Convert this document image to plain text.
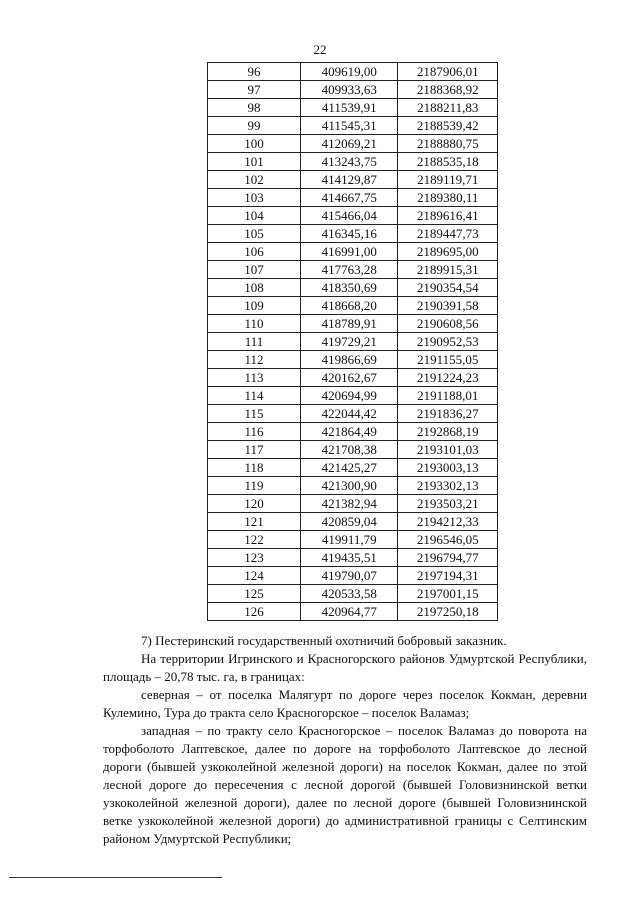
22
96	409619,00	2187906,01
97	409933,63	2188368,92
98	411539,91	2188211,83
99	411545,31	2188539,42
100	412069,21	2188880,75
101	413243,75	2188535,18
102	414129,87	2189119,71
103	414667,75	2189380,11
104	415466,04	2189616,41
105	416345,16	2189447,73
106	416991,00	2189695,00
107	417763,28	2189915,31
108	418350,69	2190354,54
109	418668,20	2190391,58
110	418789,91	2190608,56
111	419729,21	2190952,53
112	419866,69	2191155,05
113	420162,67	2191224,23
114	420694,99	2191188,01
115	422044,42	2191836,27
116	421864,49	2192868,19
117	421708,38	2193101,03
118	421425,27	2193003,13
119	421300,90	2193302,13
120	421382,94	2193503,21
121	420859,04	2194212,33
122	419911,79	2196546,05
123	419435,51	2196794,77
124	419790,07	2197194,31
125	420533,58	2197001,15
126	420964,77	2197250,18

7) Пестеринский государственный охотничий бобровый заказник.

На территории Игринского и Красногорского районов Удмуртской Республики, площадь – 20,78 тыс. га, в границах:

северная – от поселка Малягурт по дороге через поселок Кокман, деревни Кулемино, Тура до тракта село Красногорское – поселок Валамаз;

западная – по тракту село Красногорское – поселок Валамаз до поворота на торфоболото Лаптевское, далее по дороге на торфоболото Лаптевское до лесной дороги (бывшей узкоколейной железной дороги) на поселок Кокман, далее по этой лесной дороге до пересечения с лесной дорогой (бывшей Головизнинской ветки узкоколейной железной дороги), далее по лесной дороге (бывшей Головизнинской ветке узкоколейной железной дороги) до административной границы с Селтинским районом Удмуртской Республики;
